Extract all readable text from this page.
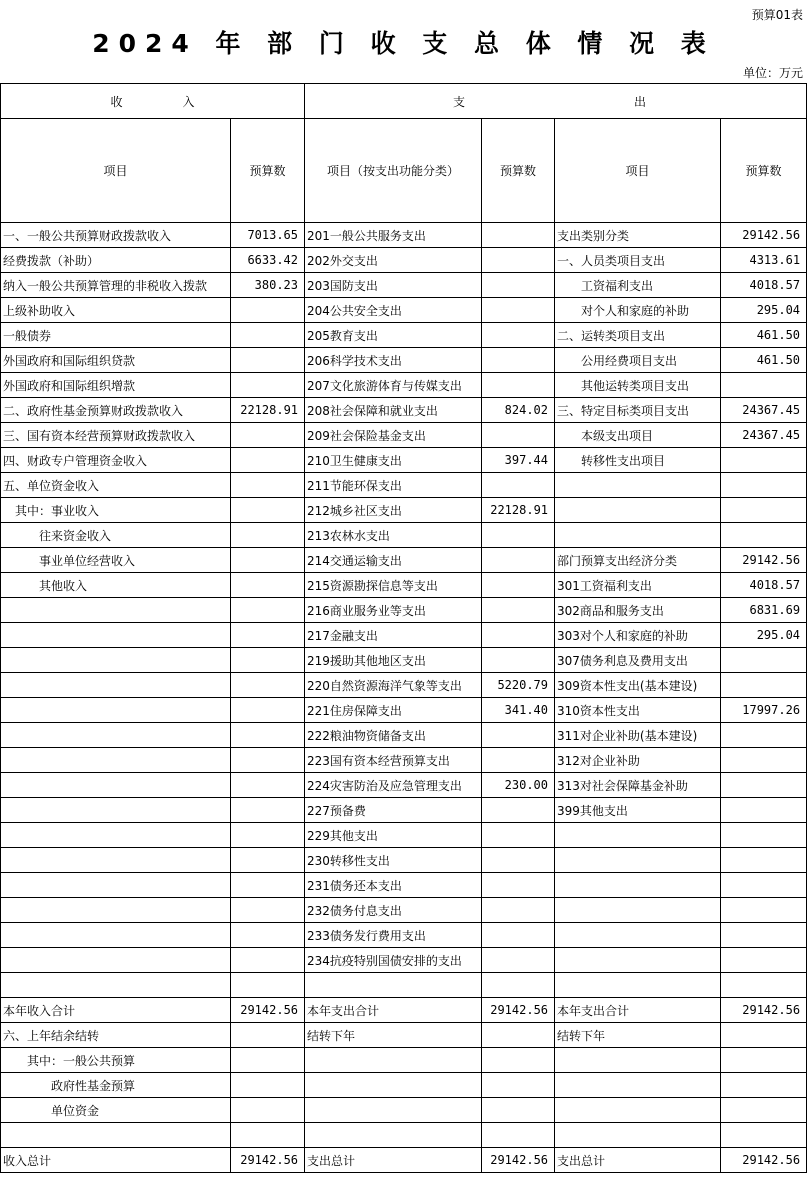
预算01表
2024 年 部 门 收 支 总 体 情 况 表
单位：万元
收　　　　　入		支 出			

项目	预算数	项目（按支出功能分类）	预算数	项目	预算数
一、一般公共预算财政拨款收入	7013.65	201一般公共服务支出		支出类别分类	29142.56
经费拨款（补助）	6633.42	202外交支出		一、人员类项目支出	4313.61
纳入一般公共预算管理的非税收入拨款	380.23	203国防支出		　　工资福利支出	4018.57
上级补助收入		204公共安全支出		　　对个人和家庭的补助	295.04
一般债券		205教育支出		二、运转类项目支出	461.50
外国政府和国际组织贷款		206科学技术支出		　　公用经费项目支出	461.50
外国政府和国际组织增款		207文化旅游体育与传媒支出		　　其他运转类项目支出	
二、政府性基金预算财政拨款收入	22128.91	208社会保障和就业支出	824.02	三、特定目标类项目支出	24367.45
三、国有资本经营预算财政拨款收入		209社会保险基金支出		　　本级支出项目	24367.45
四、财政专户管理资金收入		210卫生健康支出	397.44	　　转移性支出项目	
五、单位资金收入		211节能环保支出			
　其中：事业收入		212城乡社区支出	22128.91		
　　　往来资金收入		213农林水支出			
　　　事业单位经营收入		214交通运输支出		部门预算支出经济分类	29142.56
　　　其他收入		215资源勘探信息等支出		301工资福利支出	4018.57
		216商业服务业等支出		302商品和服务支出	6831.69
		217金融支出		303对个人和家庭的补助	295.04
		219援助其他地区支出		307债务利息及费用支出	
		220自然资源海洋气象等支出	5220.79	309资本性支出(基本建设)	
		221住房保障支出	341.40	310资本性支出	17997.26
		222粮油物资储备支出		311对企业补助(基本建设)	
		223国有资本经营预算支出		312对企业补助	
		224灾害防治及应急管理支出	230.00	313对社会保障基金补助	
		227预备费		399其他支出	
		229其他支出			
		230转移性支出			
		231债务还本支出			
		232债务付息支出			
		233债务发行费用支出			
		234抗疫特别国债安排的支出			

本年收入合计	29142.56	本年支出合计	29142.56	本年支出合计	29142.56
六、上年结余结转		结转下年		结转下年	
　　其中：一般公共预算					
　　　　政府性基金预算					
　　　　单位资金					

收入总计	29142.56	支出总计	29142.56	支出总计	29142.56
